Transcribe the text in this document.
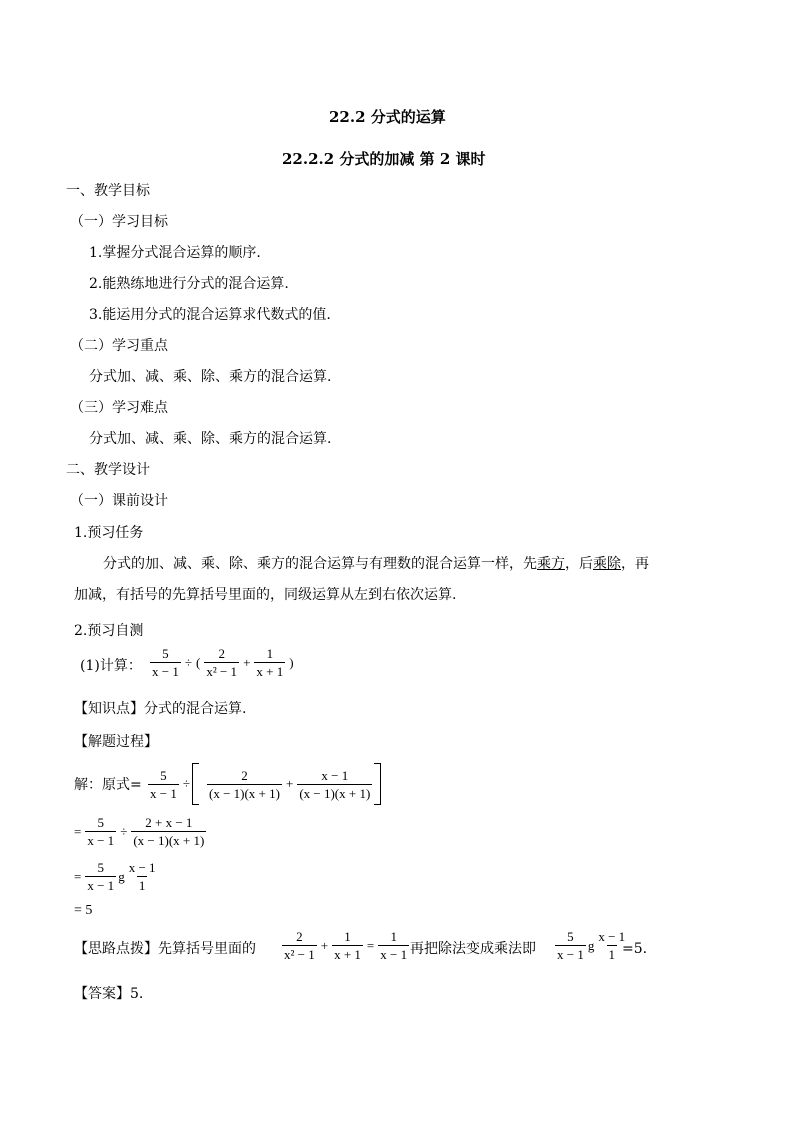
22.2 分式的运算
22.2.2 分式的加减 第 2 课时
一、教学目标
（一）学习目标
1.掌握分式混合运算的顺序.
2.能熟练地进行分式的混合运算.
3.能运用分式的混合运算求代数式的值.
（二）学习重点
分式加、减、乘、除、乘方的混合运算.
（三）学习难点
分式加、减、乘、除、乘方的混合运算.
二、教学设计
（一）课前设计
1.预习任务
分式的加、减、乘、除、乘方的混合运算与有理数的混合运算一样，先乘方，后乘除，再
加减，有括号的先算括号里面的，同级运算从左到右依次运算.
2.预习自测
(1)计算： $\frac{5}{x - 1}$ ÷ ( $\frac{2}{\text{x² − 1}} + \frac{1}{x + 1}$ )
【知识点】分式的混合运算.
【解题过程】
解：原式= $\frac{5}{x - 1} \div \frac{2}{(x - 1)(x + 1)} + \frac{x - 1}{(x - 1)(x + 1)}$
= $\frac{5}{x - 1} \div \frac{2 + x - 1}{(x - 1)(x + 1)}$
= $\frac{5}{x - 1}$ g $\frac{x - 1}{1}$
= 5
【思路点拨】先算括号里面的 $\frac{2}{\text{x² − 1}} + \frac{1}{x + 1} = \frac{1}{x - 1}$ 再把除法变成乘法即 $\frac{5}{x - 1}$ g $\frac{x - 1}{1}$
=5.
【答案】5.
